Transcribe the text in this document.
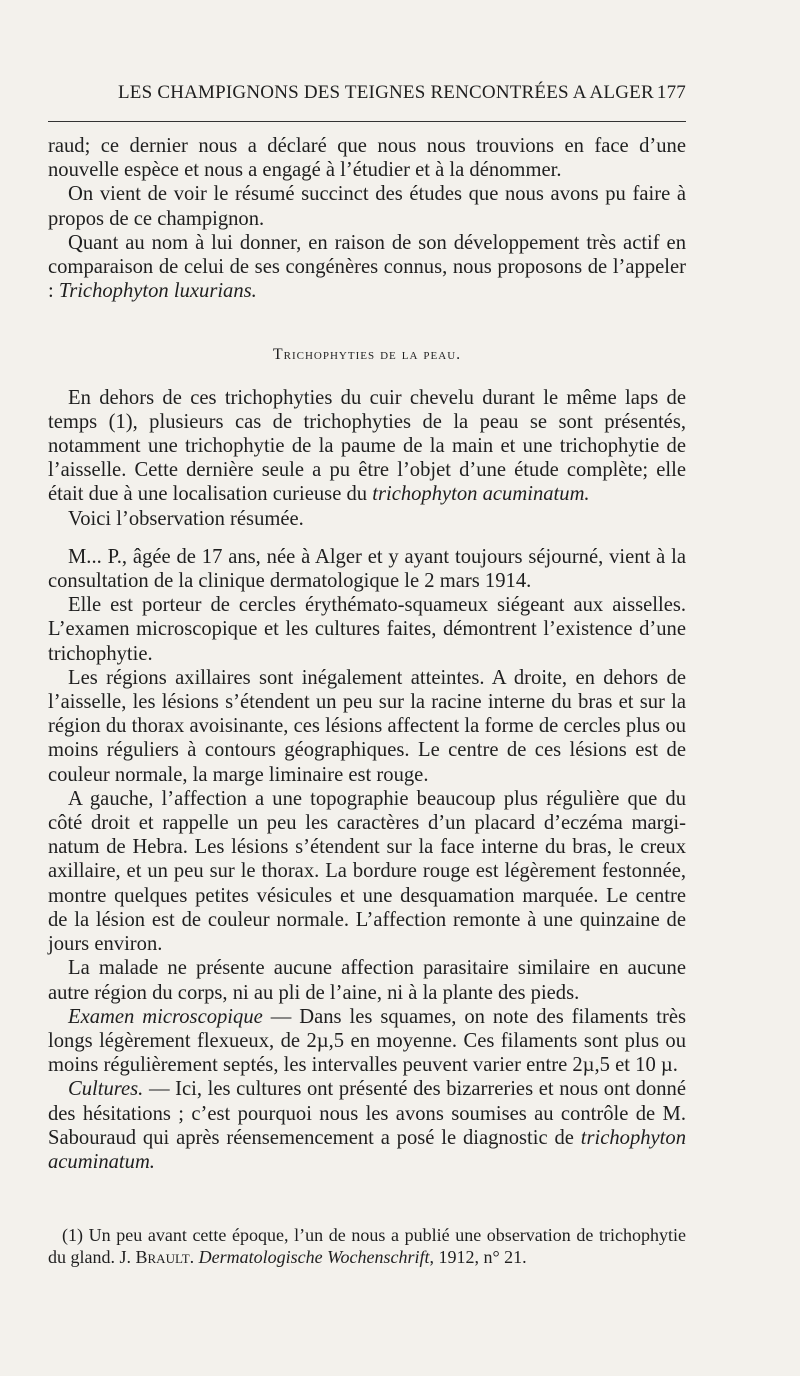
LES CHAMPIGNONS DES TEIGNES RENCONTRÉES A ALGER 177

raud; ce dernier nous a déclaré que nous nous trouvions en face d’une nouvelle espèce et nous a engagé à l’étudier et à la dénommer.

On vient de voir le résumé succinct des études que nous avons pu faire à propos de ce champignon.

Quant au nom à lui donner, en raison de son développement très actif en comparaison de celui de ses congénères connus, nous proposons de l’appeler : Trichophyton luxurians.

Trichophyties de la peau.

En dehors de ces trichophyties du cuir chevelu durant le même laps de temps (1), plusieurs cas de trichophyties de la peau se sont présentés, notamment une trichophytie de la paume de la main et une trichophytie de l’aisselle. Cette dernière seule a pu être l’objet d’une étude complète; elle était due à une localisation curieuse du trichophyton acuminatum.

Voici l’observation résumée.

M... P., âgée de 17 ans, née à Alger et y ayant toujours séjourné, vient à la consultation de la clinique dermatologique le 2 mars 1914.

Elle est porteur de cercles érythémato-squameux siégeant aux aisselles. L’examen microscopique et les cultures faites, démontrent l’existence d’une trichophytie.

Les régions axillaires sont inégalement atteintes. A droite, en dehors de l’aisselle, les lésions s’étendent un peu sur la racine interne du bras et sur la région du thorax avoisinante, ces lésions affectent la forme de cercles plus ou moins réguliers à contours géographiques. Le centre de ces lésions est de couleur normale, la marge liminaire est rouge.

A gauche, l’affection a une topographie beaucoup plus régulière que du côté droit et rappelle un peu les caractères d’un placard d’eczéma marginatum de Hebra. Les lésions s’étendent sur la face interne du bras, le creux axillaire, et un peu sur le thorax. La bordure rouge est légèrement festonnée, montre quelques petites vésicules et une desquamation marquée. Le centre de la lésion est de couleur normale. L’affection remonte à une quinzaine de jours environ.

La malade ne présente aucune affection parasitaire similaire en aucune autre région du corps, ni au pli de l’aine, ni à la plante des pieds.

Examen microscopique — Dans les squames, on note des filaments très longs légèrement flexueux, de 2µ,5 en moyenne. Ces filaments sont plus ou moins régulièrement septés, les intervalles peuvent varier entre 2µ,5 et 10 µ.

Cultures. — Ici, les cultures ont présenté des bizarreries et nous ont donné des hésitations ; c’est pourquoi nous les avons soumises au contrôle de M. Sabouraud qui après réensemencement a posé le diagnostic de trichophyton acuminatum.

(1) Un peu avant cette époque, l’un de nous a publié une observation de trichophytie du gland. J. Brault. Dermatologische Wochenschrift, 1912, n° 21.
